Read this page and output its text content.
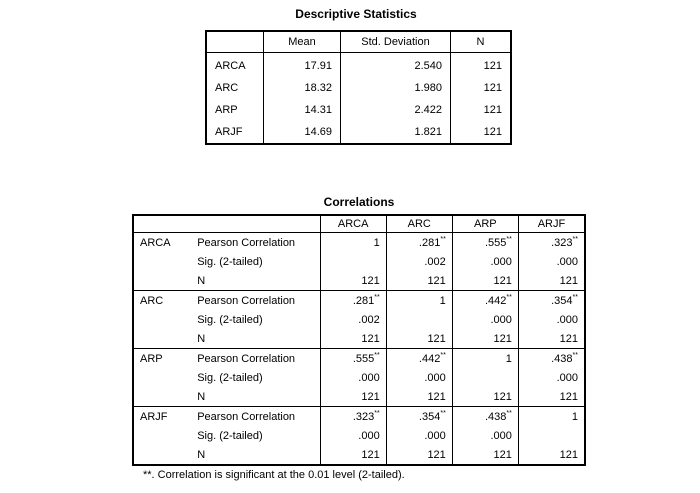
Descriptive Statistics
	Mean	Std. Deviation	N
ARCA	17.91	2.540	121
ARC	18.32	1.980	121
ARP	14.31	2.422	121
ARJF	14.69	1.821	121
Correlations
		ARCA	ARC	ARP	ARJF
ARCA	Pearson Correlation	1	.281**	.555**	.323**
	Sig. (2-tailed)		.002	.000	.000
	N	121	121	121	121
ARC	Pearson Correlation	.281**	1	.442**	.354**
	Sig. (2-tailed)	.002		.000	.000
	N	121	121	121	121
ARP	Pearson Correlation	.555**	.442**	1	.438**
	Sig. (2-tailed)	.000	.000		.000
	N	121	121	121	121
ARJF	Pearson Correlation	.323**	.354**	.438**	1
	Sig. (2-tailed)	.000	.000	.000	
	N	121	121	121	121
**. Correlation is significant at the 0.01 level (2-tailed).
